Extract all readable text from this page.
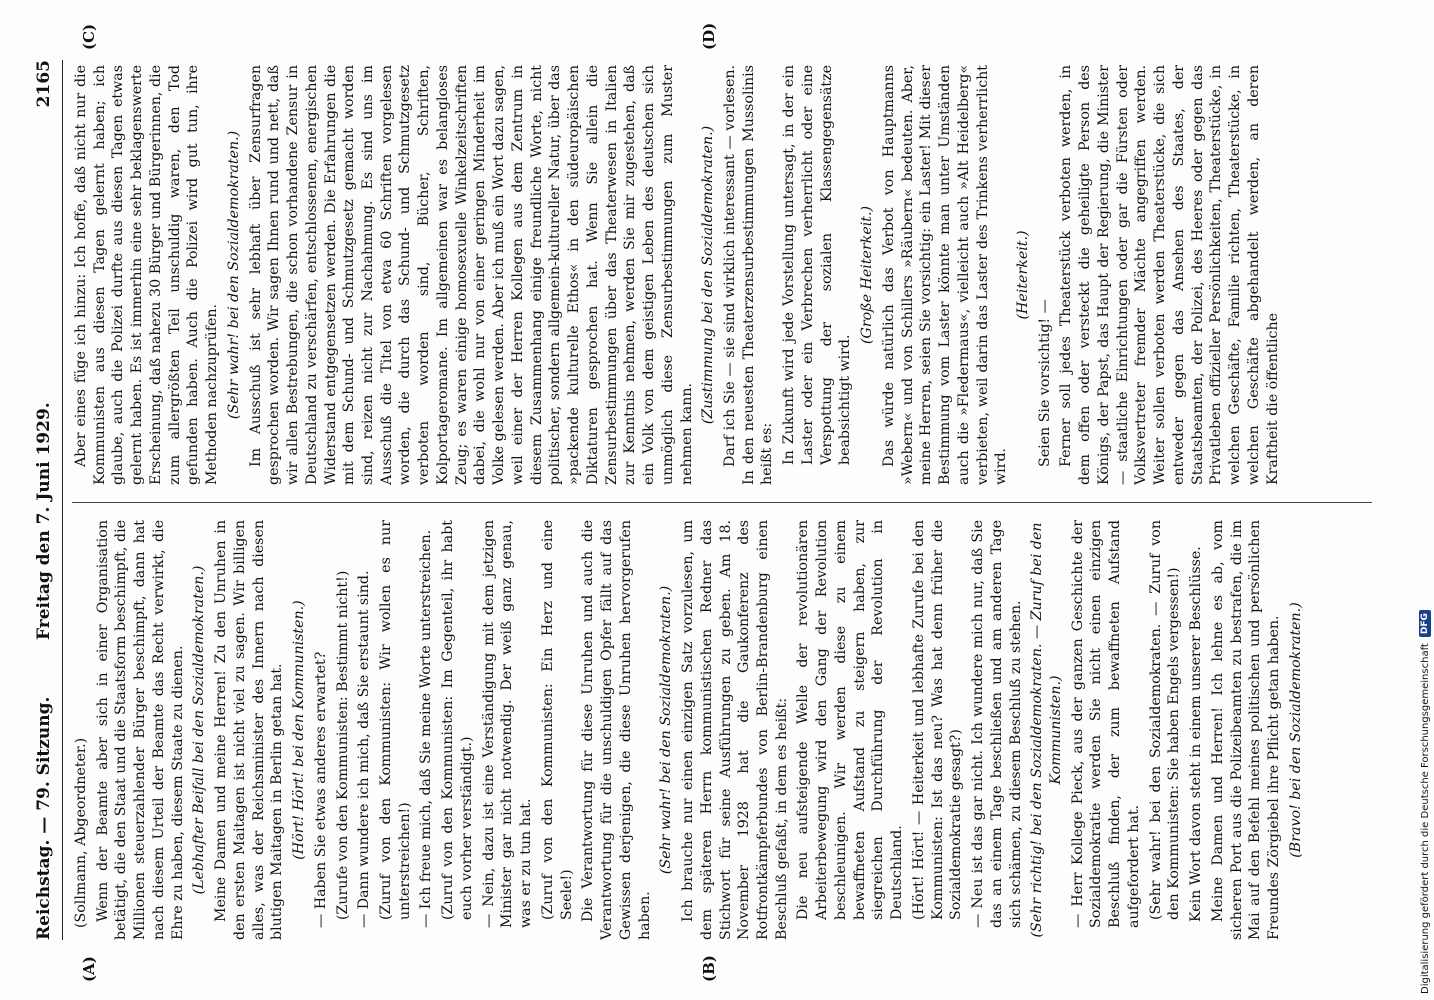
Reichstag. — 79. Sitzung.
Freitag den 7. Juni 1929.
2165
(A)	(B)
(C)	(D)

(Sollmann, Abgeordneter.) Wenn der Beamte aber sich in einer Organisation betätigt, die den Staat und die Staatsform beschimpft, die Millionen steuerzahlender Bürger beschimpft, dann hat nach diesem Urteil der Beamte das Recht verwirkt, die Ehre zu haben, diesem Staate zu dienen. (Lebhafter Beifall bei den Sozialdemokraten.) Meine Damen und meine Herren! Zu den Unruhen in den ersten Maitagen ist nicht viel zu sagen. Wir billigen alles, was der Reichsminister des Innern nach diesen blutigen Maitagen in Berlin getan hat. (Hört! Hört! bei den Kommunisten.) — Haben Sie etwas anderes erwartet? (Zurufe von den Kommunisten: Bestimmt nicht!) — Dann wundere ich mich, daß Sie erstaunt sind. (Zuruf von den Kommunisten: Wir wollen es nur unterstreichen!) — Ich freue mich, daß Sie meine Worte unterstreichen. (Zuruf von den Kommunisten: Im Gegenteil, ihr habt euch vorher verständigt.) — Nein, dazu ist eine Verständigung mit dem jetzigen Minister gar nicht notwendig. Der weiß ganz genau, was er zu tun hat. (Zuruf von den Kommunisten: Ein Herz und eine Seele!) Die Verantwortung für diese Unruhen und auch die Verantwortung für die unschuldigen Opfer fällt auf das Gewissen derjenigen, die diese Unruhen hervorgerufen haben.

(Sehr wahr! bei den Sozialdemokraten.) Ich brauche nur einen einzigen Satz vorzulesen, um dem späteren Herrn kommunistischen Redner das Stichwort für seine Ausführungen zu geben. Am 18. November 1928 hat die Gaukonferenz des Rotfrontkämpferbundes von Berlin-Brandenburg einen Beschluß gefaßt, in dem es heißt: Die neu aufsteigende Welle der revolutionären Arbeiterbewegung wird den Gang der Revolution beschleunigen. Wir werden diese zu einem bewaffneten Aufstand zu steigern haben, zur siegreichen Durchführung der Revolution in Deutschland. (Hört! Hört! — Heiterkeit und lebhafte Zurufe bei den Kommunisten: Ist das neu? Was hat denn früher die Sozialdemokratie gesagt?) — Neu ist das gar nicht. Ich wundere mich nur, daß Sie das an einem Tage beschließen und am anderen Tage sich schämen, zu diesem Beschluß zu stehen. (Sehr richtig! bei den Sozialdemokraten. — Zuruf bei den Kommunisten.) — Herr Kollege Pieck, aus der ganzen Geschichte der Sozialdemokratie werden Sie nicht einen einzigen Beschluß finden, der zum bewaffneten Aufstand aufgefordert hat. (Sehr wahr! bei den Sozialdemokraten. — Zuruf von den Kommunisten: Sie haben Engels vergessen!) Kein Wort davon steht in einem unserer Beschlüsse. Meine Damen und Herren! Ich lehne es ab, vom sicheren Port aus die Polizeibeamten zu bestrafen, die im Mai auf den Befehl meines politischen und persönlichen Freundes Zörgiebel ihre Pflicht getan haben. (Bravo! bei den Sozialdemokraten.)

Aber eines füge ich hinzu: Ich hoffe, daß nicht nur die Kommunisten aus diesen Tagen gelernt haben; ich glaube, auch die Polizei durfte aus diesen Tagen etwas gelernt haben. Es ist immerhin eine sehr beklagenswerte Erscheinung, daß nahezu 30 Bürger und Bürgerinnen, die zum allergrößten Teil unschuldig waren, den Tod gefunden haben. Auch die Polizei wird gut tun, ihre Methoden nachzuprüfen. (Sehr wahr! bei den Sozialdemokraten.) Im Ausschuß ist sehr lebhaft über Zensurfragen gesprochen worden. Wir sagen Ihnen rund und nett, daß wir allen Bestrebungen, die schon vorhandene Zensur in Deutschland zu verschärfen, entschlossenen, energischen Widerstand entgegensetzen werden. Die Erfahrungen die mit dem Schund- und Schmutzgesetz gemacht worden sind, reizen nicht zur Nachahmung. Es sind uns im Ausschuß die Titel von etwa 60 Schriften vorgelesen worden, die durch das Schund- und Schmutzgesetz verboten worden sind, Bücher, Schriften, Kolportageromane. Im allgemeinen war es belangloses Zeug; es waren einige homosexuelle Winkelzeitschriften dabei, die wohl nur von einer geringen Minderheit im Volke gelesen werden. Aber ich muß ein Wort dazu sagen, weil einer der Herren Kollegen aus dem Zentrum in diesem Zusammenhang einige freundliche Worte, nicht politischer, sondern allgemein-kultureller Natur, über das »packende kulturelle Ethos« in den südeuropäischen Diktaturen gesprochen hat. Wenn Sie allein die Zensurbestimmungen über das Theaterwesen in Italien zur Kenntnis nehmen, werden Sie mir zugestehen, daß ein Volk von dem geistigen Leben des deutschen sich unmöglich diese Zensurbestimmungen zum Muster nehmen kann.

(Zustimmung bei den Sozialdemokraten.) Darf ich Sie — sie sind wirklich interessant — vorlesen. In den neuesten Theaterzensurbestimmungen Mussolinis heißt es: In Zukunft wird jede Vorstellung untersagt, in der ein Laster oder ein Verbrechen verherrlicht oder eine Verspottung der sozialen Klassengegensätze beabsichtigt wird.

(Große Heiterkeit.) Das würde natürlich das Verbot von Hauptmanns »Webern« und von Schillers »Räubern« bedeuten. Aber, meine Herren, seien Sie vorsichtig: ein Laster! Mit dieser Bestimmung vom Laster könnte man unter Umständen auch die »Fledermaus«, vielleicht auch »Alt Heidelberg« verbieten, weil darin das Laster des Trinkens verherrlicht wird.

(Heiterkeit.)

Seien Sie vorsichtig! — Ferner soll jedes Theaterstück verboten werden, in dem offen oder versteckt die geheiligte Person des Königs, der Papst, das Haupt der Regierung, die Minister — staatliche Einrichtungen oder gar die Fürsten oder Volksvertreter fremder Mächte angegriffen werden. Weiter sollen verboten werden Theaterstücke, die sich entweder gegen das Ansehen des Staates, der Staatsbeamten, der Polizei, des Heeres oder gegen das Privatleben offizieller Persönlichkeiten, Theaterstücke, in welchen Geschäfte, Familie richten, Theaterstücke, in welchen Geschäfte abgehandelt werden, an deren Kraftheit die öffentliche

Digitalisierung gefördert durch die Deutsche Forschungsgemeinschaft
DFG
